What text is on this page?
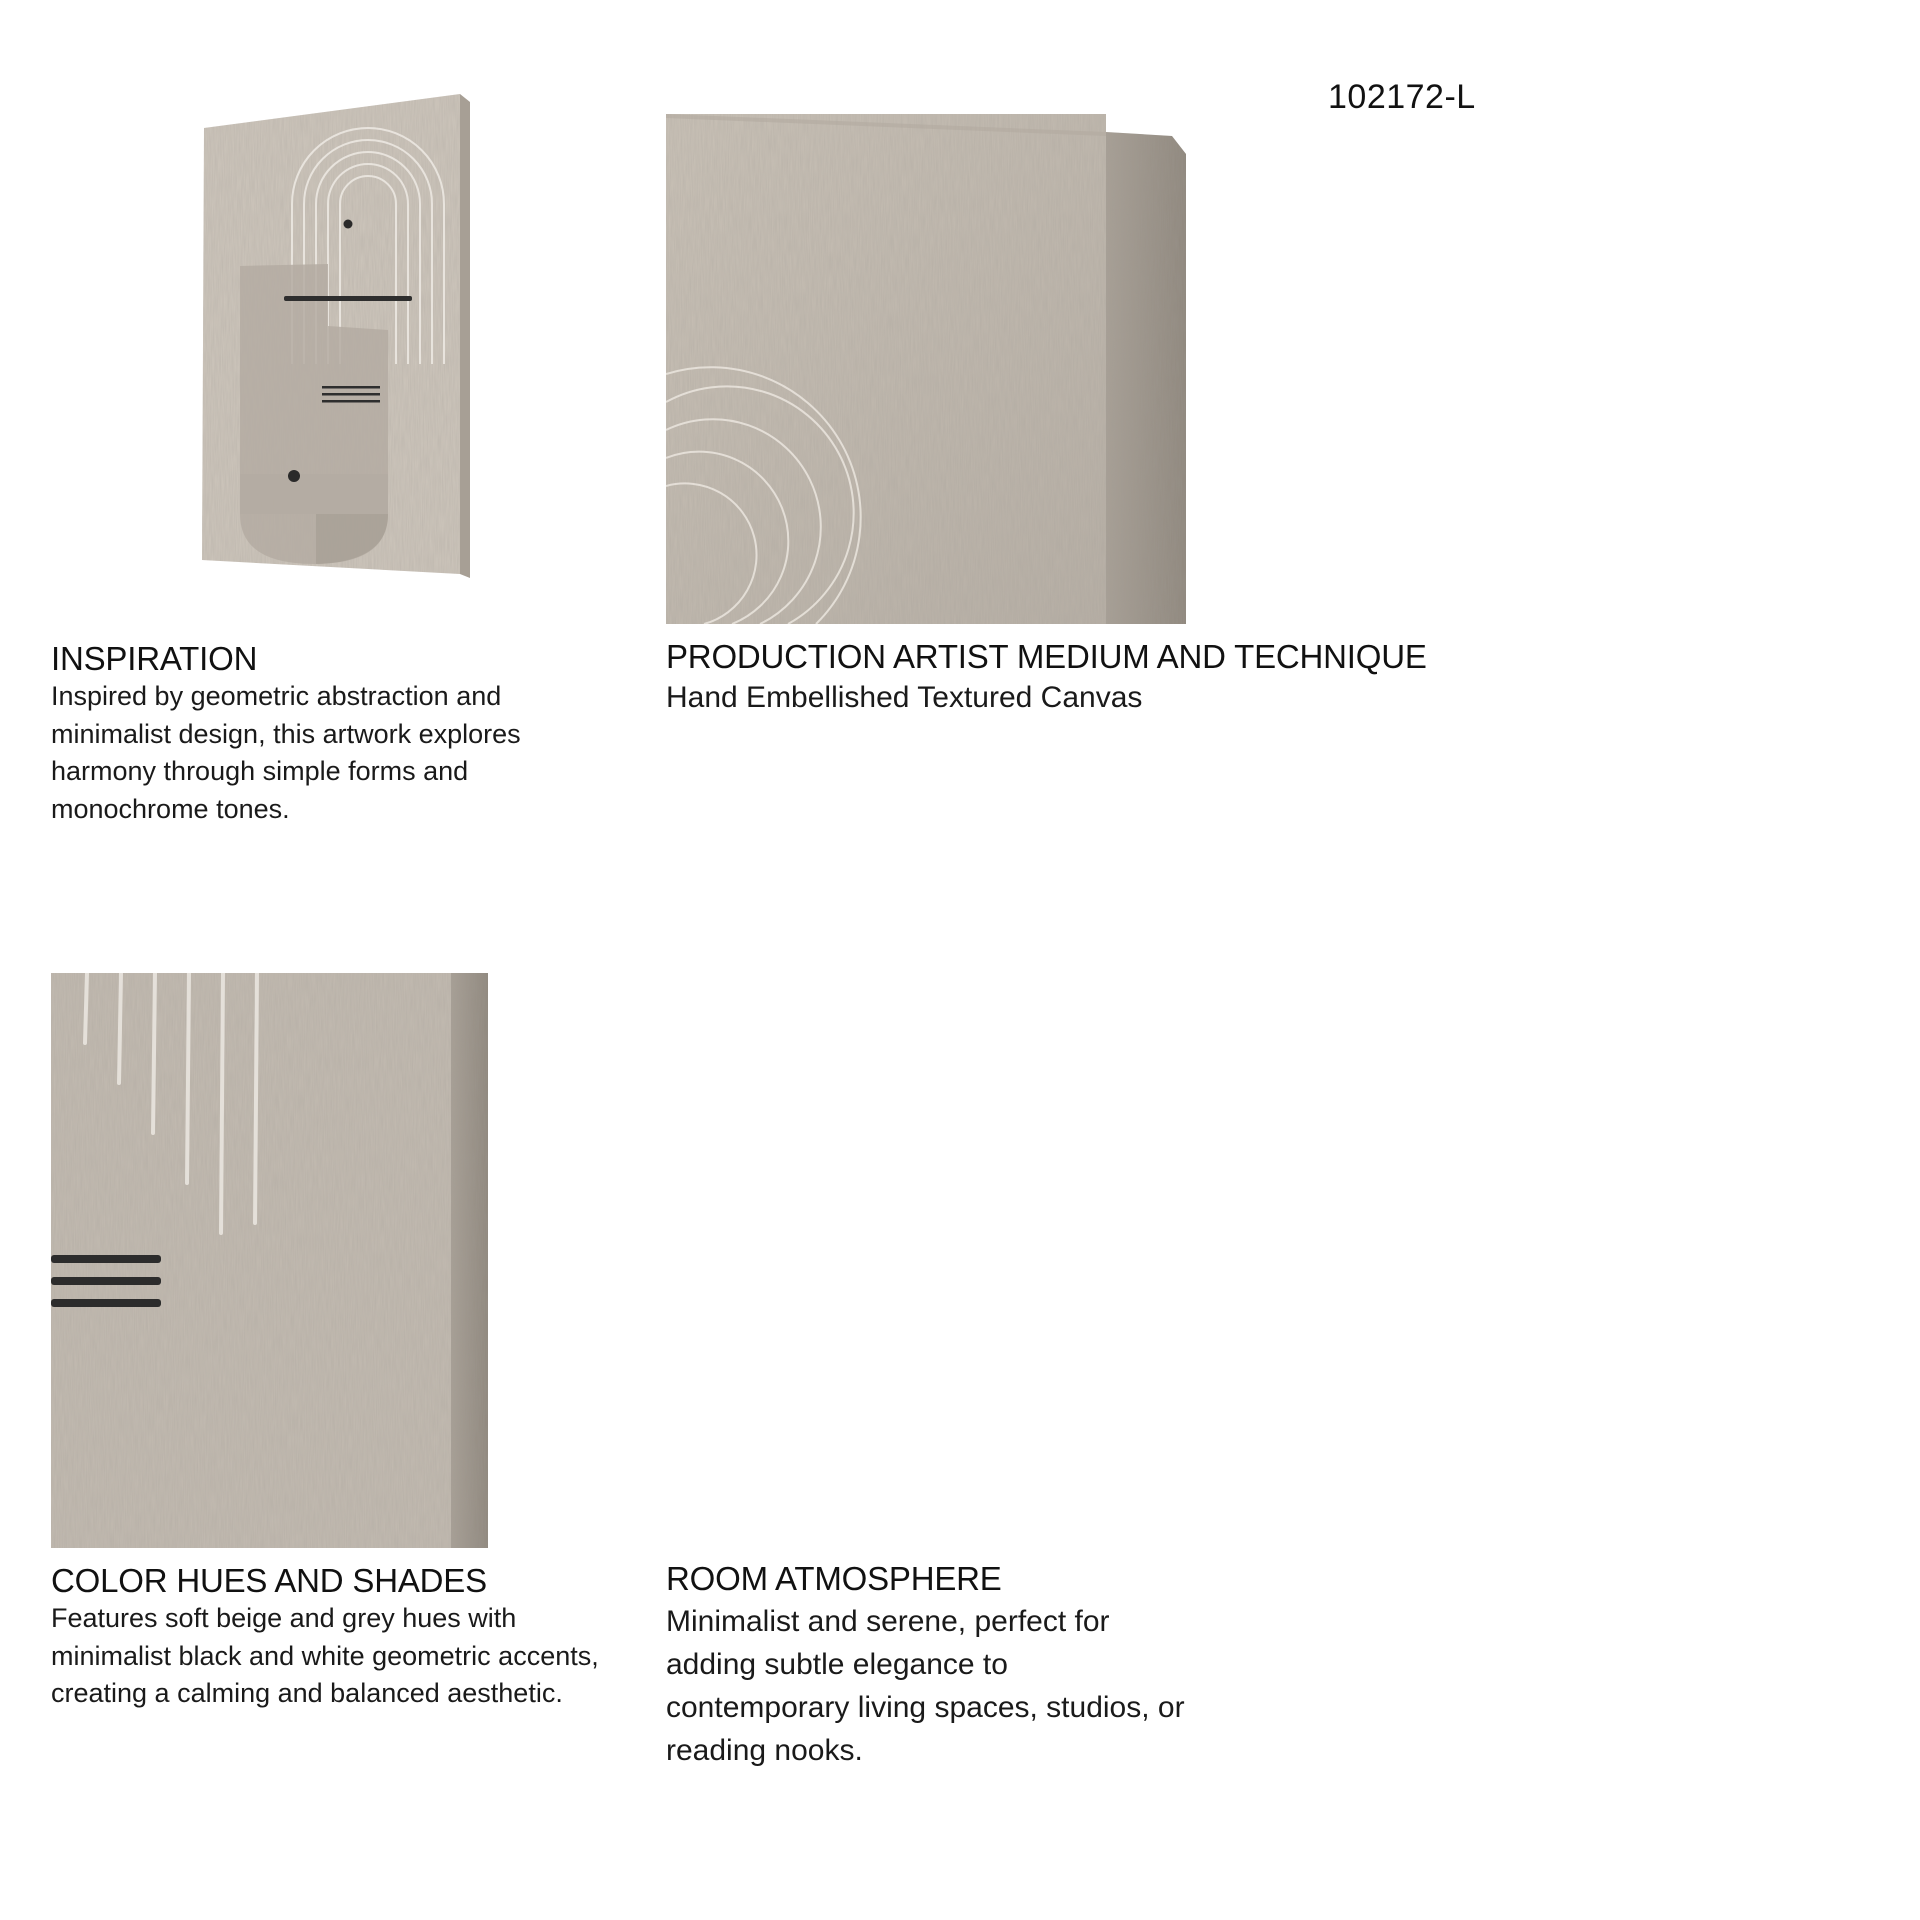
102172-L
INSPIRATION
Inspired by geometric abstraction and
minimalist design, this artwork explores
harmony through simple forms and
monochrome tones.
PRODUCTION ARTIST MEDIUM AND TECHNIQUE
Hand Embellished Textured Canvas
COLOR HUES AND SHADES
Features soft beige and grey hues with
minimalist black and white geometric accents,
creating a calming and balanced aesthetic.
ROOM ATMOSPHERE
Minimalist and serene, perfect for
adding subtle elegance to
contemporary living spaces, studios, or
reading nooks.
